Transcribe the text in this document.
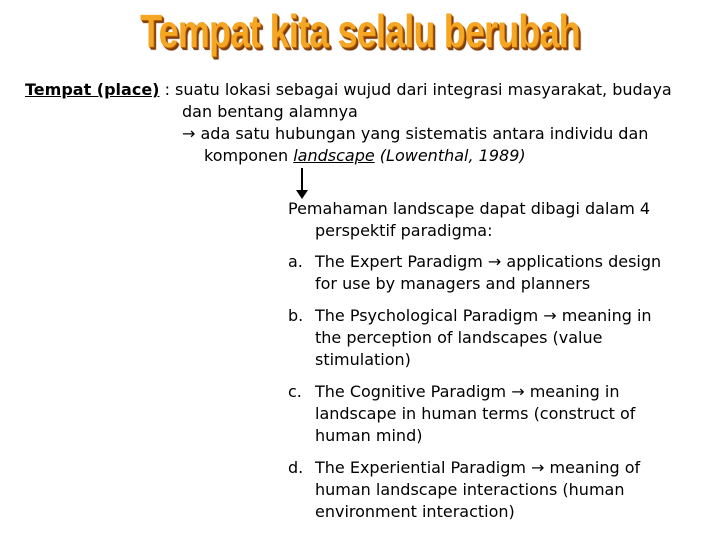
Tempat kita selalu berubah
Tempat (place) : suatu lokasi sebagai wujud dari integrasi masyarakat, budaya
dan bentang alamnya
→ ada satu hubungan yang sistematis antara individu dan
komponen landscape (Lowenthal, 1989)
Pemahaman landscape dapat dibagi dalam 4
perspektif paradigma:
a. The Expert Paradigm → applications design
for use by managers and planners
b. The Psychological Paradigm → meaning in
the perception of landscapes (value
stimulation)
c. The Cognitive Paradigm → meaning in
landscape in human terms (construct of
human mind)
d. The Experiential Paradigm → meaning of
human landscape interactions (human
environment interaction)
